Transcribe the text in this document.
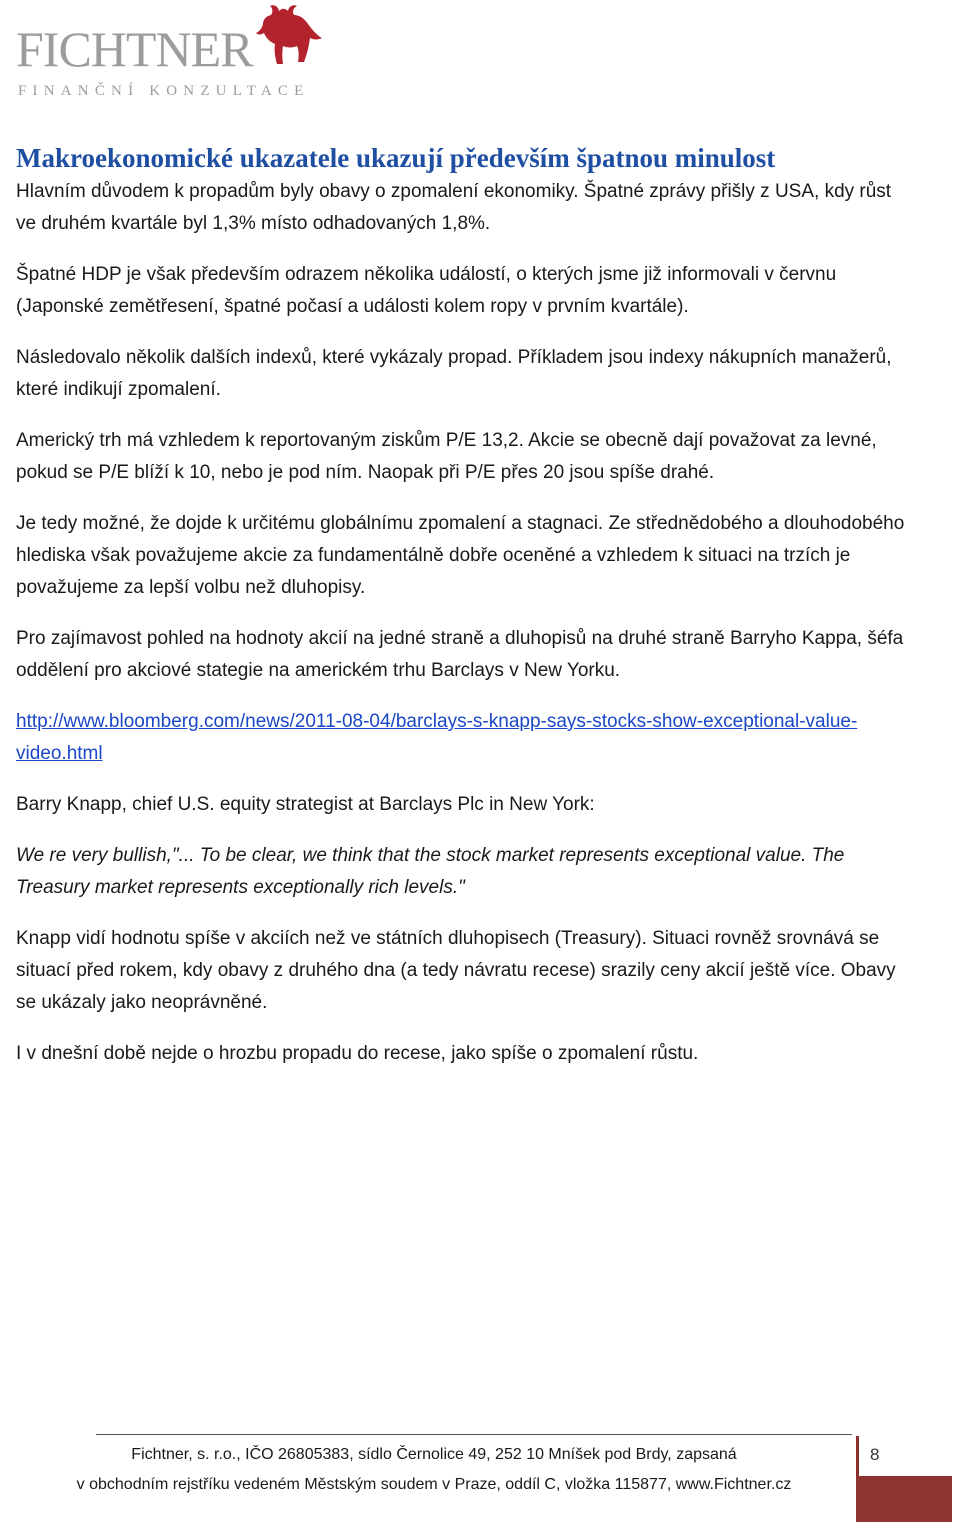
FICHTNER
FINANČNÍ KONZULTACE
Makroekonomické ukazatele ukazují především špatnou minulost

Hlavním důvodem k propadům byly obavy o zpomalení ekonomiky. Špatné zprávy přišly z USA, kdy růst ve druhém kvartále byl 1,3% místo odhadovaných 1,8%.

Špatné HDP je však především odrazem několika událostí, o kterých jsme již informovali v červnu (Japonské zemětřesení, špatné počasí a události kolem ropy v prvním kvartále).

Následovalo několik dalších indexů, které vykázaly propad. Příkladem jsou indexy nákupních manažerů, které indikují zpomalení.

Americký trh má vzhledem k reportovaným ziskům P/E 13,2. Akcie se obecně dají považovat za levné, pokud se P/E blíží k 10, nebo je pod ním. Naopak při P/E přes 20 jsou spíše drahé.

Je tedy možné, že dojde k určitému globálnímu zpomalení a stagnaci. Ze střednědobého a dlouhodobého hlediska však považujeme akcie za fundamentálně dobře oceněné a vzhledem k situaci na trzích je považujeme za lepší volbu než dluhopisy.

Pro zajímavost pohled na hodnoty akcií na jedné straně a dluhopisů na druhé straně Barryho Kappa, šéfa oddělení pro akciové stategie na americkém trhu Barclays v New Yorku.

http://www.bloomberg.com/news/2011-08-04/barclays-s-knapp-says-stocks-show-exceptional-value-video.html

Barry Knapp, chief U.S. equity strategist at Barclays Plc in New York:

We re very bullish,"... To be clear, we think that the stock market represents exceptional value. The Treasury market represents exceptionally rich levels."

Knapp vidí hodnotu spíše v akciích než ve státních dluhopisech (Treasury). Situaci rovněž srovnává se situací před rokem, kdy obavy z druhého dna (a tedy návratu recese) srazily ceny akcií ještě více. Obavy se ukázaly jako neoprávněné.

I v dnešní době nejde o hrozbu propadu do recese, jako spíše o zpomalení růstu.

Fichtner, s. r.o., IČO 26805383, sídlo Černolice 49, 252 10 Mníšek pod Brdy, zapsaná
v obchodním rejstříku vedeném Městským soudem v Praze, oddíl C, vložka 115877, www.Fichtner.cz
8
